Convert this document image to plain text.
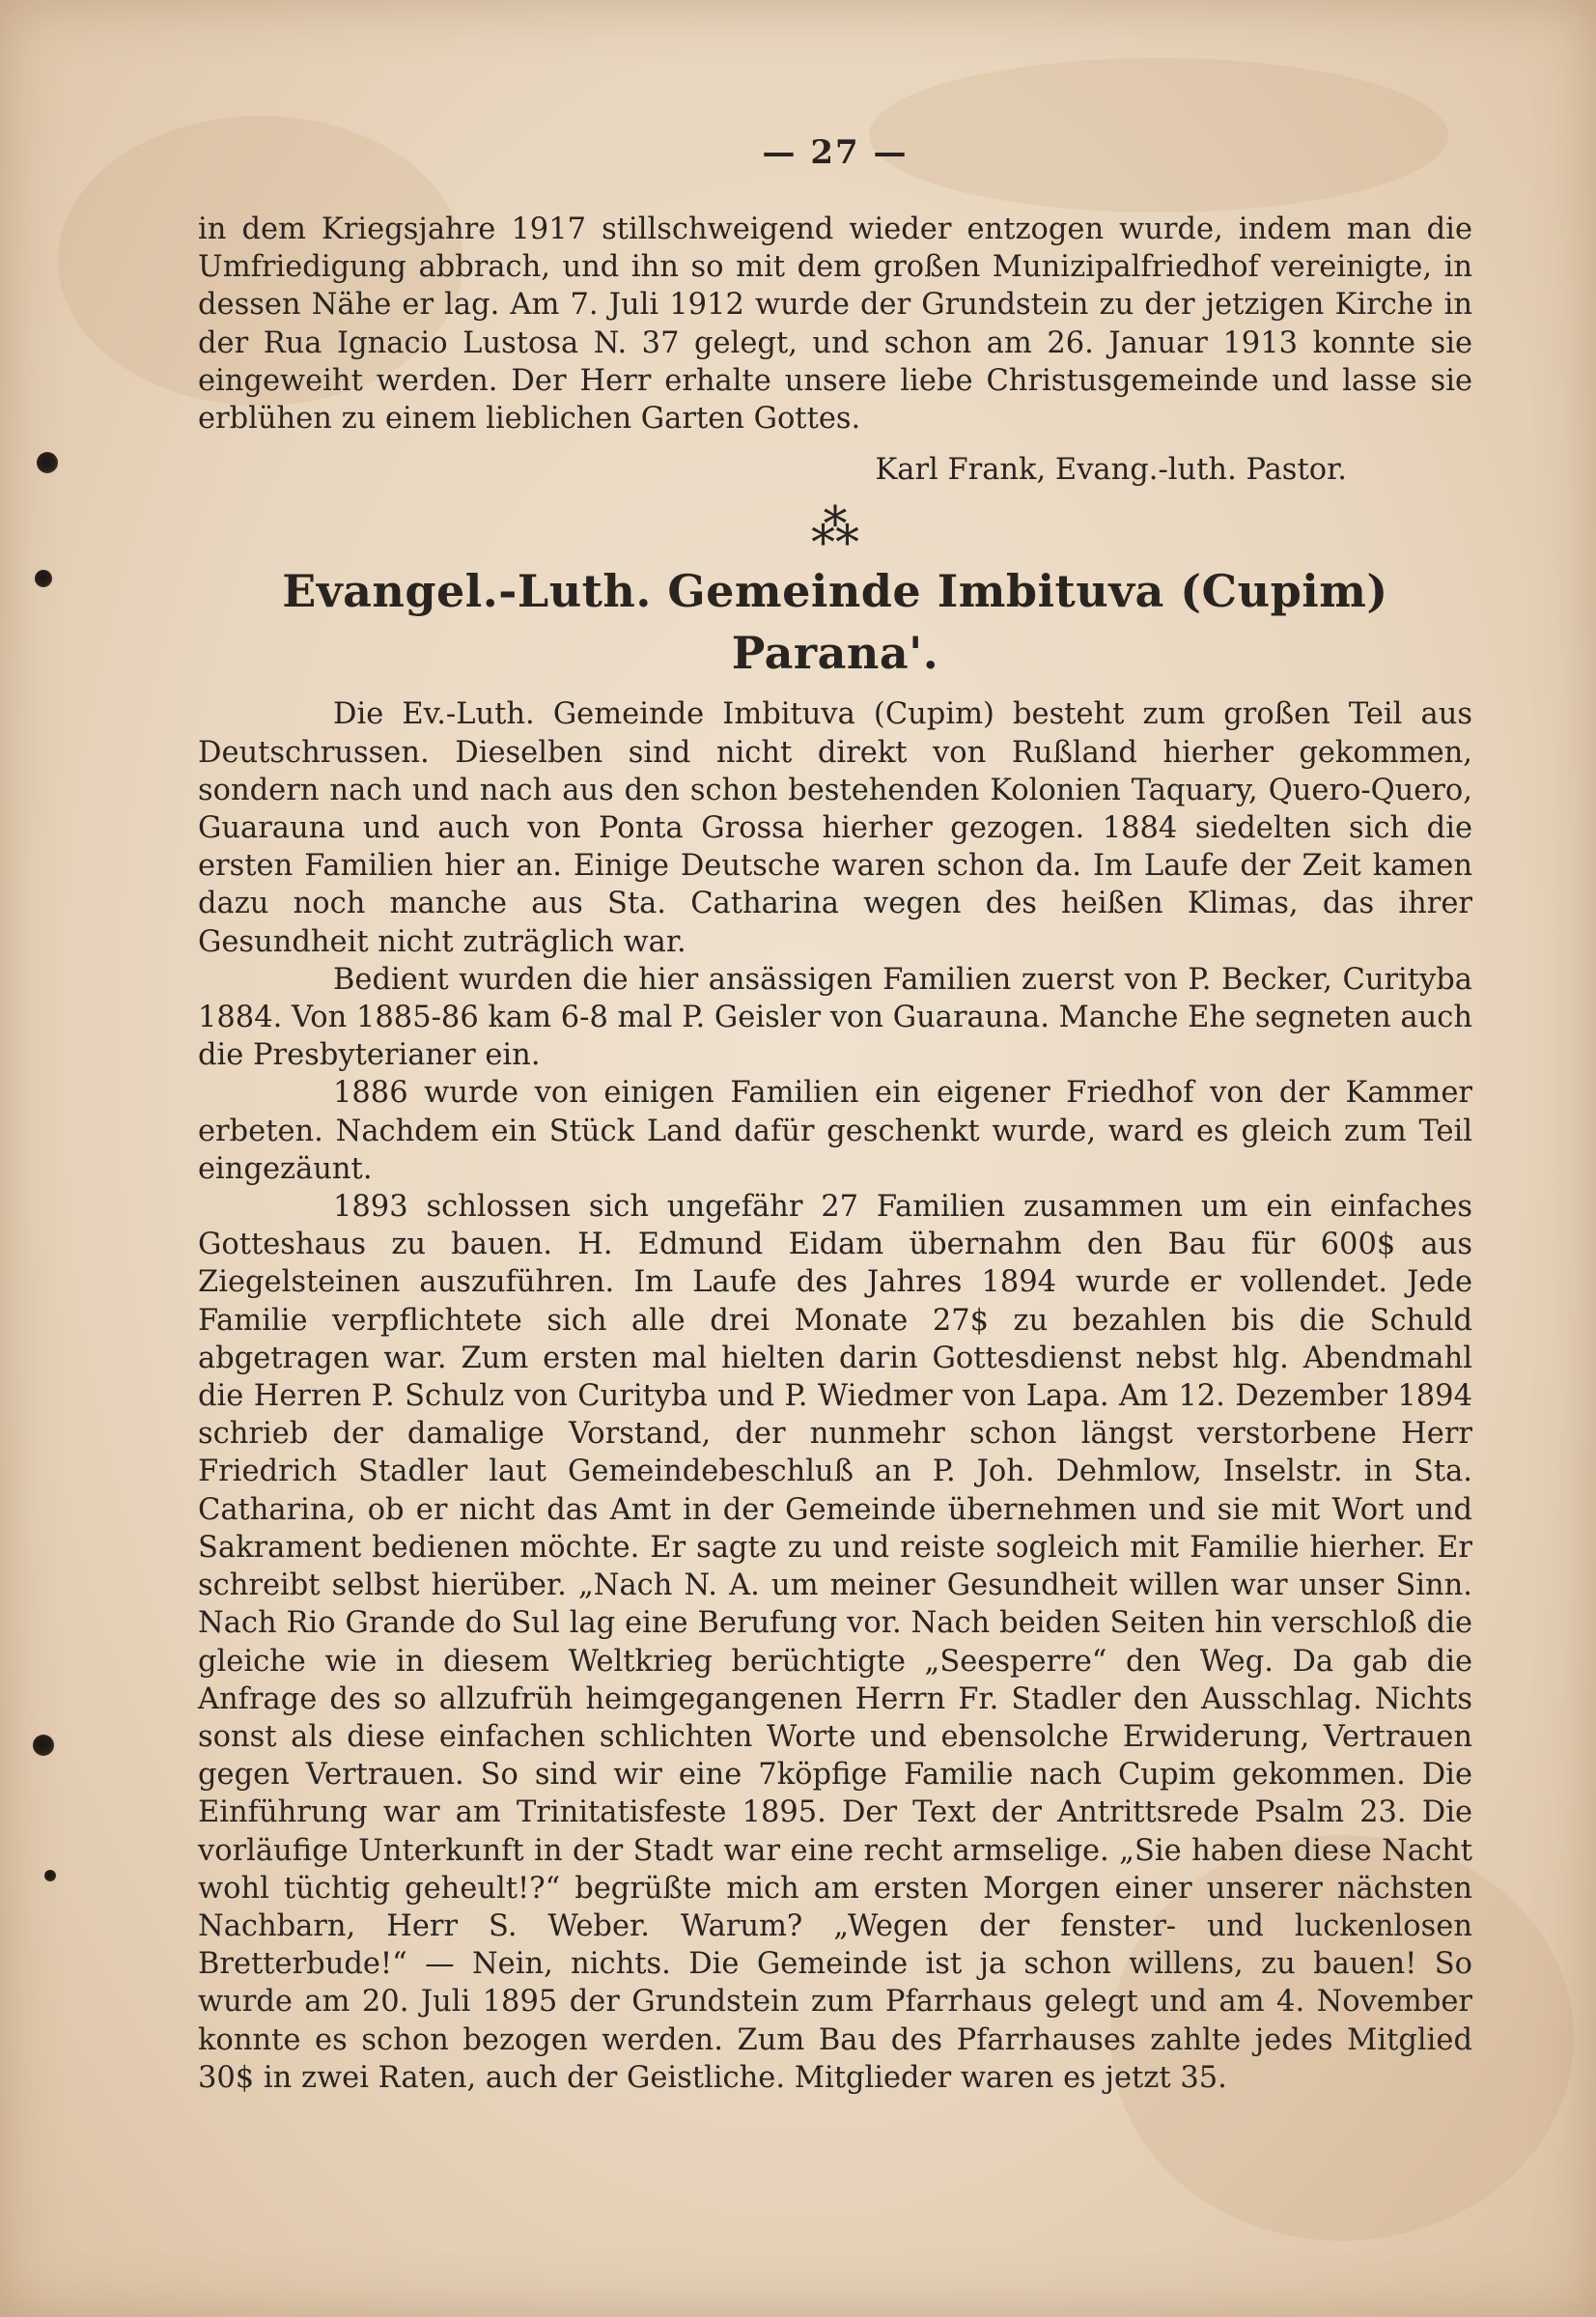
— 27 —

in dem Kriegsjahre 1917 stillschweigend wieder entzogen wurde, indem man die Umfriedigung abbrach, und ihn so mit dem großen Munizipalfriedhof vereinigte, in dessen Nähe er lag. Am 7. Juli 1912 wurde der Grundstein zu der jetzigen Kirche in der Rua Ignacio Lustosa N. 37 gelegt, und schon am 26. Januar 1913 konnte sie eingeweiht werden. Der Herr erhalte unsere liebe Christusgemeinde und lasse sie erblühen zu einem lieblichen Garten Gottes.

Karl Frank, Evang.-luth. Pastor.
⁂
Evangel.-Luth. Gemeinde Imbituva (Cupim) Parana'.

Die Ev.-Luth. Gemeinde Imbituva (Cupim) besteht zum großen Teil aus Deutschrussen. Dieselben sind nicht direkt von Rußland hierher gekommen, sondern nach und nach aus den schon bestehenden Kolonien Taquary, Quero-Quero, Guarauna und auch von Ponta Grossa hierher gezogen. 1884 siedelten sich die ersten Familien hier an. Einige Deutsche waren schon da. Im Laufe der Zeit kamen dazu noch manche aus Sta. Catharina wegen des heißen Klimas, das ihrer Gesundheit nicht zuträglich war.

Bedient wurden die hier ansässigen Familien zuerst von P. Becker, Curityba 1884. Von 1885-86 kam 6-8 mal P. Geisler von Guarauna. Manche Ehe segneten auch die Presbyterianer ein.

1886 wurde von einigen Familien ein eigener Friedhof von der Kammer erbeten. Nachdem ein Stück Land dafür geschenkt wurde, ward es gleich zum Teil eingezäunt.

1893 schlossen sich ungefähr 27 Familien zusammen um ein einfaches Gotteshaus zu bauen. H. Edmund Eidam übernahm den Bau für 600$ aus Ziegelsteinen auszuführen. Im Laufe des Jahres 1894 wurde er vollendet. Jede Familie verpflichtete sich alle drei Monate 27$ zu bezahlen bis die Schuld abgetragen war. Zum ersten mal hielten darin Gottesdienst nebst hlg. Abendmahl die Herren P. Schulz von Curityba und P. Wiedmer von Lapa. Am 12. Dezember 1894 schrieb der damalige Vorstand, der nunmehr schon längst verstorbene Herr Friedrich Stadler laut Gemeindebeschluß an P. Joh. Dehmlow, Inselstr. in Sta. Catharina, ob er nicht das Amt in der Gemeinde übernehmen und sie mit Wort und Sakrament bedienen möchte. Er sagte zu und reiste sogleich mit Familie hierher. Er schreibt selbst hierüber. „Nach N. A. um meiner Gesundheit willen war unser Sinn. Nach Rio Grande do Sul lag eine Berufung vor. Nach beiden Seiten hin verschloß die gleiche wie in diesem Weltkrieg berüchtigte „Seesperre“ den Weg. Da gab die Anfrage des so allzufrüh heimgegangenen Herrn Fr. Stadler den Ausschlag. Nichts sonst als diese einfachen schlichten Worte und ebensolche Erwiderung, Vertrauen gegen Vertrauen. So sind wir eine 7köpfige Familie nach Cupim gekommen. Die Einführung war am Trinitatisfeste 1895. Der Text der Antrittsrede Psalm 23. Die vorläufige Unterkunft in der Stadt war eine recht armselige. „Sie haben diese Nacht wohl tüchtig geheult!?“ begrüßte mich am ersten Morgen einer unserer nächsten Nachbarn, Herr S. Weber. Warum? „Wegen der fenster- und luckenlosen Bretterbude!“ — Nein, nichts. Die Gemeinde ist ja schon willens, zu bauen! So wurde am 20. Juli 1895 der Grundstein zum Pfarrhaus gelegt und am 4. November konnte es schon bezogen werden. Zum Bau des Pfarrhauses zahlte jedes Mitglied 30$ in zwei Raten, auch der Geistliche. Mitglieder waren es jetzt 35.
